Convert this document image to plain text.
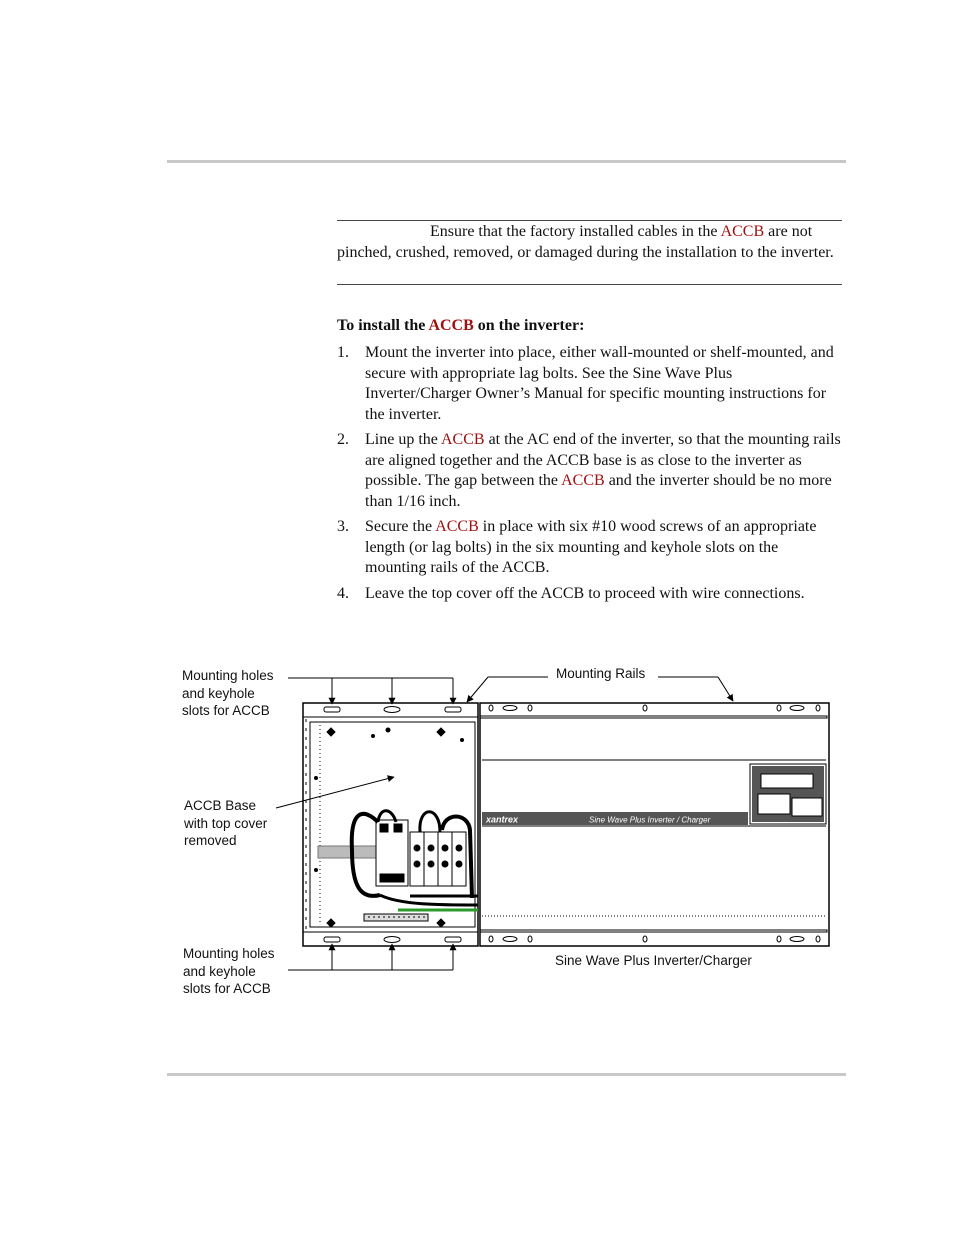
Ensure that the factory installed cables in the ACCB are not pinched, crushed, removed, or damaged during the installation to the inverter.
To install the ACCB on the inverter:
1. Mount the inverter into place, either wall-mounted or shelf-mounted, and secure with appropriate lag bolts. See the Sine Wave Plus Inverter/Charger Owner’s Manual for specific mounting instructions for the inverter.
2. Line up the ACCB at the AC end of the inverter, so that the mounting rails are aligned together and the ACCB base is as close to the inverter as possible. The gap between the ACCB and the inverter should be no more than 1/16 inch.
3. Secure the ACCB in place with six #10 wood screws of an appropriate length (or lag bolts) in the six mounting and keyhole slots on the mounting rails of the ACCB.
4. Leave the top cover off the ACCB to proceed with wire connections.
xantrex	Sine Wave Plus Inverter / Charger
Mounting holes
and keyhole
slots for ACCB
Mounting Rails
ACCB Base
with top cover
removed
Mounting holes
and keyhole
slots for ACCB
Sine Wave Plus Inverter/Charger
